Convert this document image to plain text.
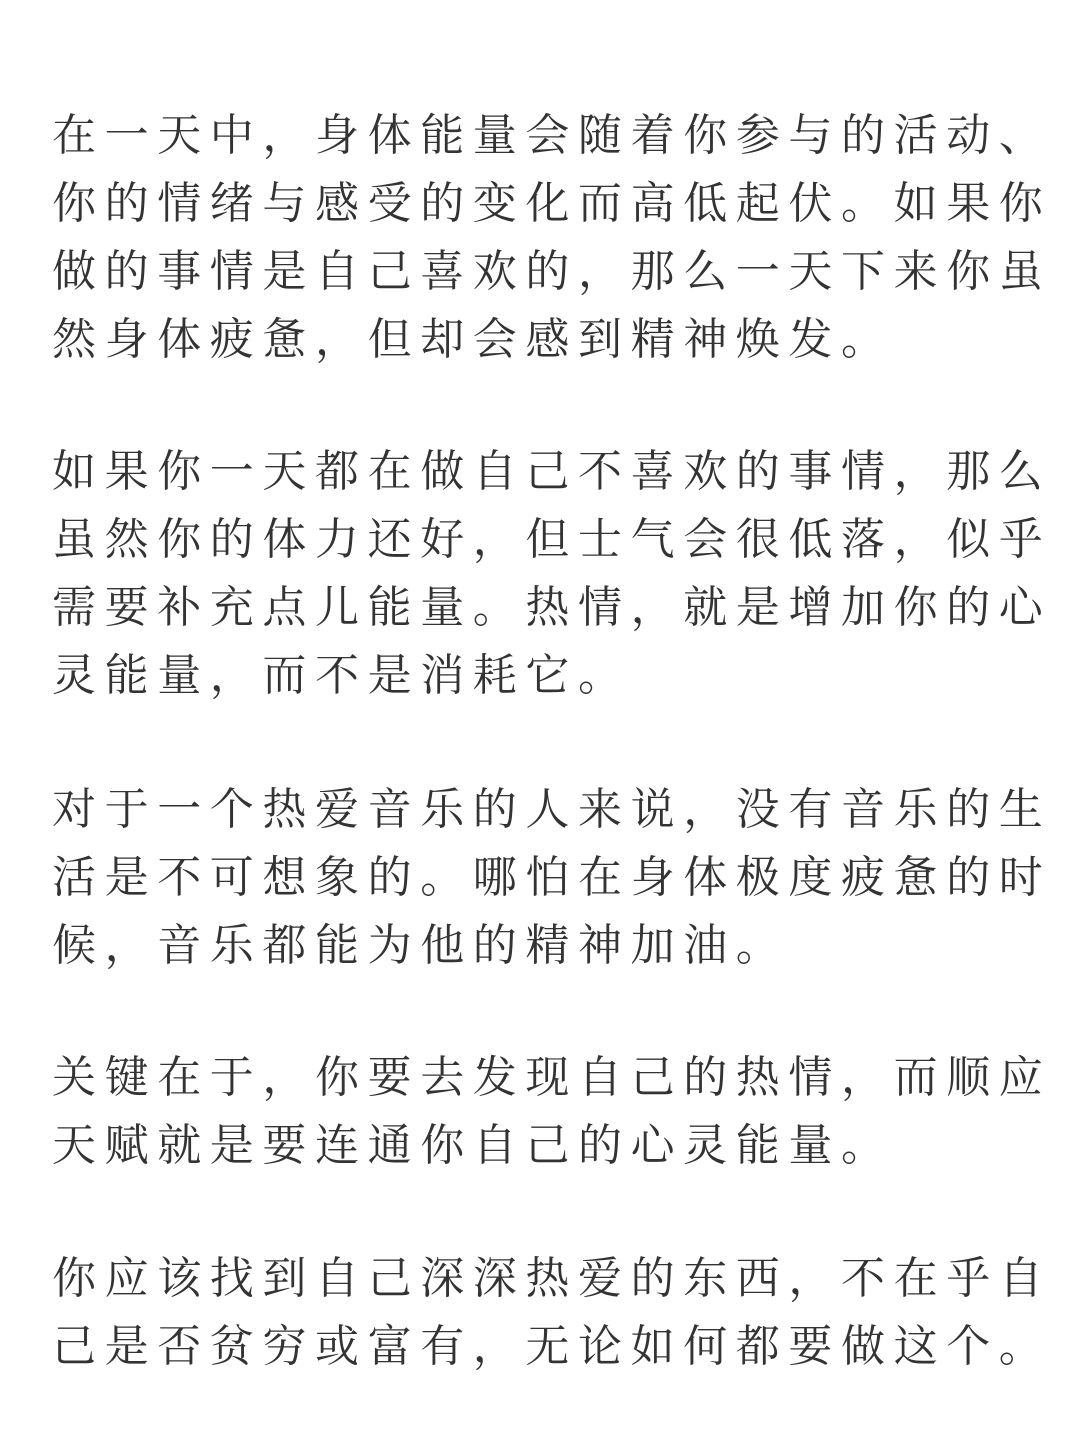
在一天中，身体能量会随着你参与的活动、
你的情绪与感受的变化而高低起伏。如果你
做的事情是自己喜欢的，那么一天下来你虽
然身体疲惫，但却会感到精神焕发。

如果你一天都在做自己不喜欢的事情，那么
虽然你的体力还好，但士气会很低落，似乎
需要补充点儿能量。热情，就是增加你的心
灵能量，而不是消耗它。

对于一个热爱音乐的人来说，没有音乐的生
活是不可想象的。哪怕在身体极度疲惫的时
候，音乐都能为他的精神加油。

关键在于，你要去发现自己的热情，而顺应
天赋就是要连通你自己的心灵能量。

你应该找到自己深深热爱的东西，不在乎自
己是否贫穷或富有，无论如何都要做这个。
